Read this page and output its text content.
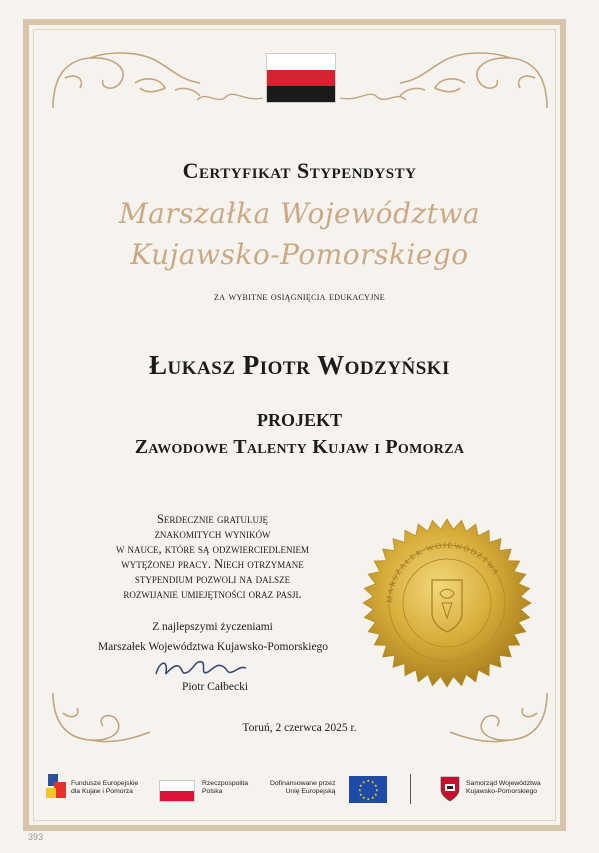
Certyfikat Stypendysty
Marszałka Województwa
Kujawsko-Pomorskiego
za wybitne osiągnięcia edukacyjne
Łukasz Piotr Wodzyński
PROJEKT
Zawodowe Talenty Kujaw i Pomorza
Serdecznie gratuluję
znakomitych wyników
w nauce, które są odzwierciedleniem
wytężonej pracy. Niech otrzymane
stypendium pozwoli na dalsze
rozwijanie umiejętności oraz pasji.
Z najlepszymi życzeniami
Marszałek Województwa Kujawsko-Pomorskiego
Piotr Całbecki
Toruń, 2 czerwca 2025 r.
MARSZAŁEK WOJEWÓDZTWA
Fundusze Europejskie
dla Kujaw i Pomorza
Rzeczpospolita
Polska
Dofinansowane przez
Unię Europejską
★ ★
★
★
★
★
★
★
★
★
★
★	Samorząd Województwa
Kujawsko-Pomorskiego
393
